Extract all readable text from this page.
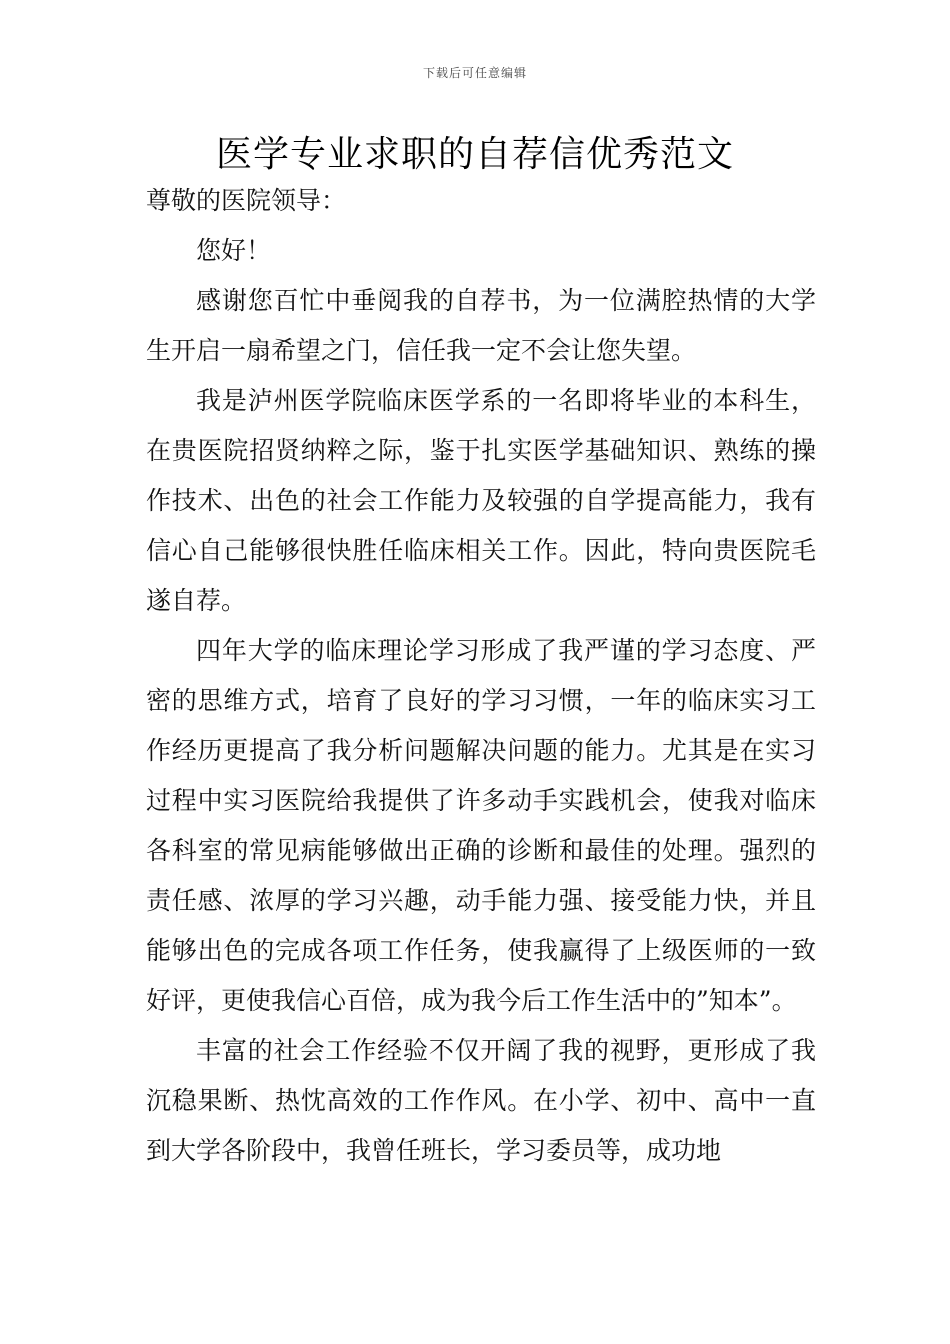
下载后可任意编辑
医学专业求职的自荐信优秀范文

尊敬的医院领导：

您好！

感谢您百忙中垂阅我的自荐书，为一位满腔热情的大学生开启一扇希望之门，信任我一定不会让您失望。

我是泸州医学院临床医学系的一名即将毕业的本科生，在贵医院招贤纳粹之际，鉴于扎实医学基础知识、熟练的操作技术、出色的社会工作能力及较强的自学提高能力，我有信心自己能够很快胜任临床相关工作。因此，特向贵医院毛遂自荐。

四年大学的临床理论学习形成了我严谨的学习态度、严密的思维方式，培育了良好的学习习惯，一年的临床实习工作经历更提高了我分析问题解决问题的能力。尤其是在实习过程中实习医院给我提供了许多动手实践机会，使我对临床各科室的常见病能够做出正确的诊断和最佳的处理。强烈的责任感、浓厚的学习兴趣，动手能力强、接受能力快，并且能够出色的完成各项工作任务，使我赢得了上级医师的一致好评，更使我信心百倍，成为我今后工作生活中的”知本”。

丰富的社会工作经验不仅开阔了我的视野，更形成了我沉稳果断、热忱高效的工作作风。在小学、初中、高中一直到大学各阶段中，我曾任班长，学习委员等，成功地
